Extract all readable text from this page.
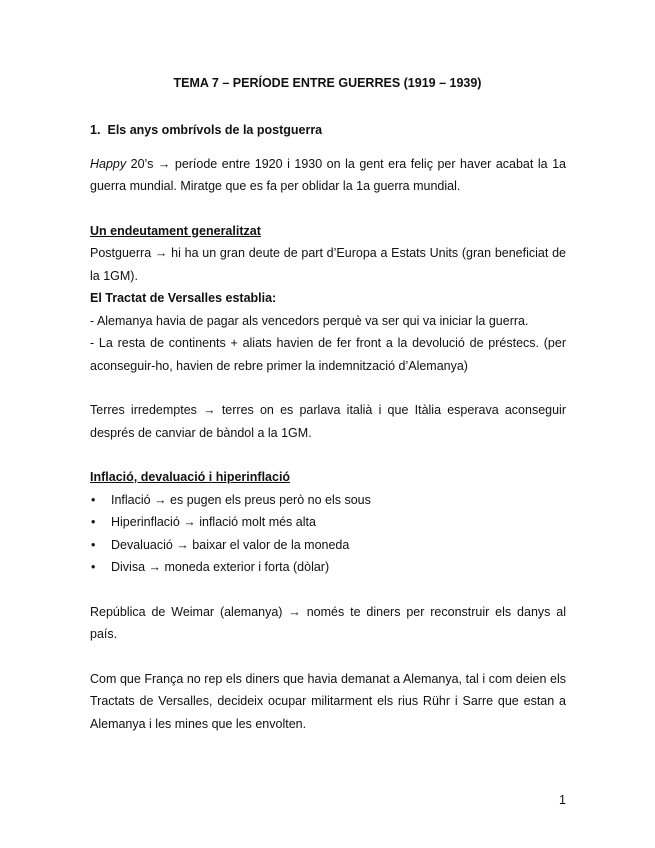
TEMA 7 – PERÍODE ENTRE GUERRES (1919 – 1939)

1. Els anys ombrívols de la postguerra

Happy 20’s → període entre 1920 i 1930 on la gent era feliç per haver acabat la 1a guerra mundial. Miratge que es fa per oblidar la 1a guerra mundial.

Un endeutament generalitzat

Postguerra → hi ha un gran deute de part d’Europa a Estats Units (gran beneficiat de la 1GM).

El Tractat de Versalles establia:

- Alemanya havia de pagar als vencedors perquè va ser qui va iniciar la guerra.

- La resta de continents + aliats havien de fer front a la devolució de préstecs. (per aconseguir-ho, havien de rebre primer la indemnització d’Alemanya)

Terres irredemptes → terres on es parlava italià i que Itàlia esperava aconseguir després de canviar de bàndol a la 1GM.

Inflació, devaluació i hiperinflació

• Inflació → es pugen els preus però no els sous
• Hiperinflació → inflació molt més alta
• Devaluació → baixar el valor de la moneda
• Divisa → moneda exterior i forta (dòlar)

República de Weimar (alemanya) → només te diners per reconstruir els danys al país.

Com que França no rep els diners que havia demanat a Alemanya, tal i com deien els Tractats de Versalles, decideix ocupar militarment els rius Rühr i Sarre que estan a Alemanya i les mines que les envolten.

1
